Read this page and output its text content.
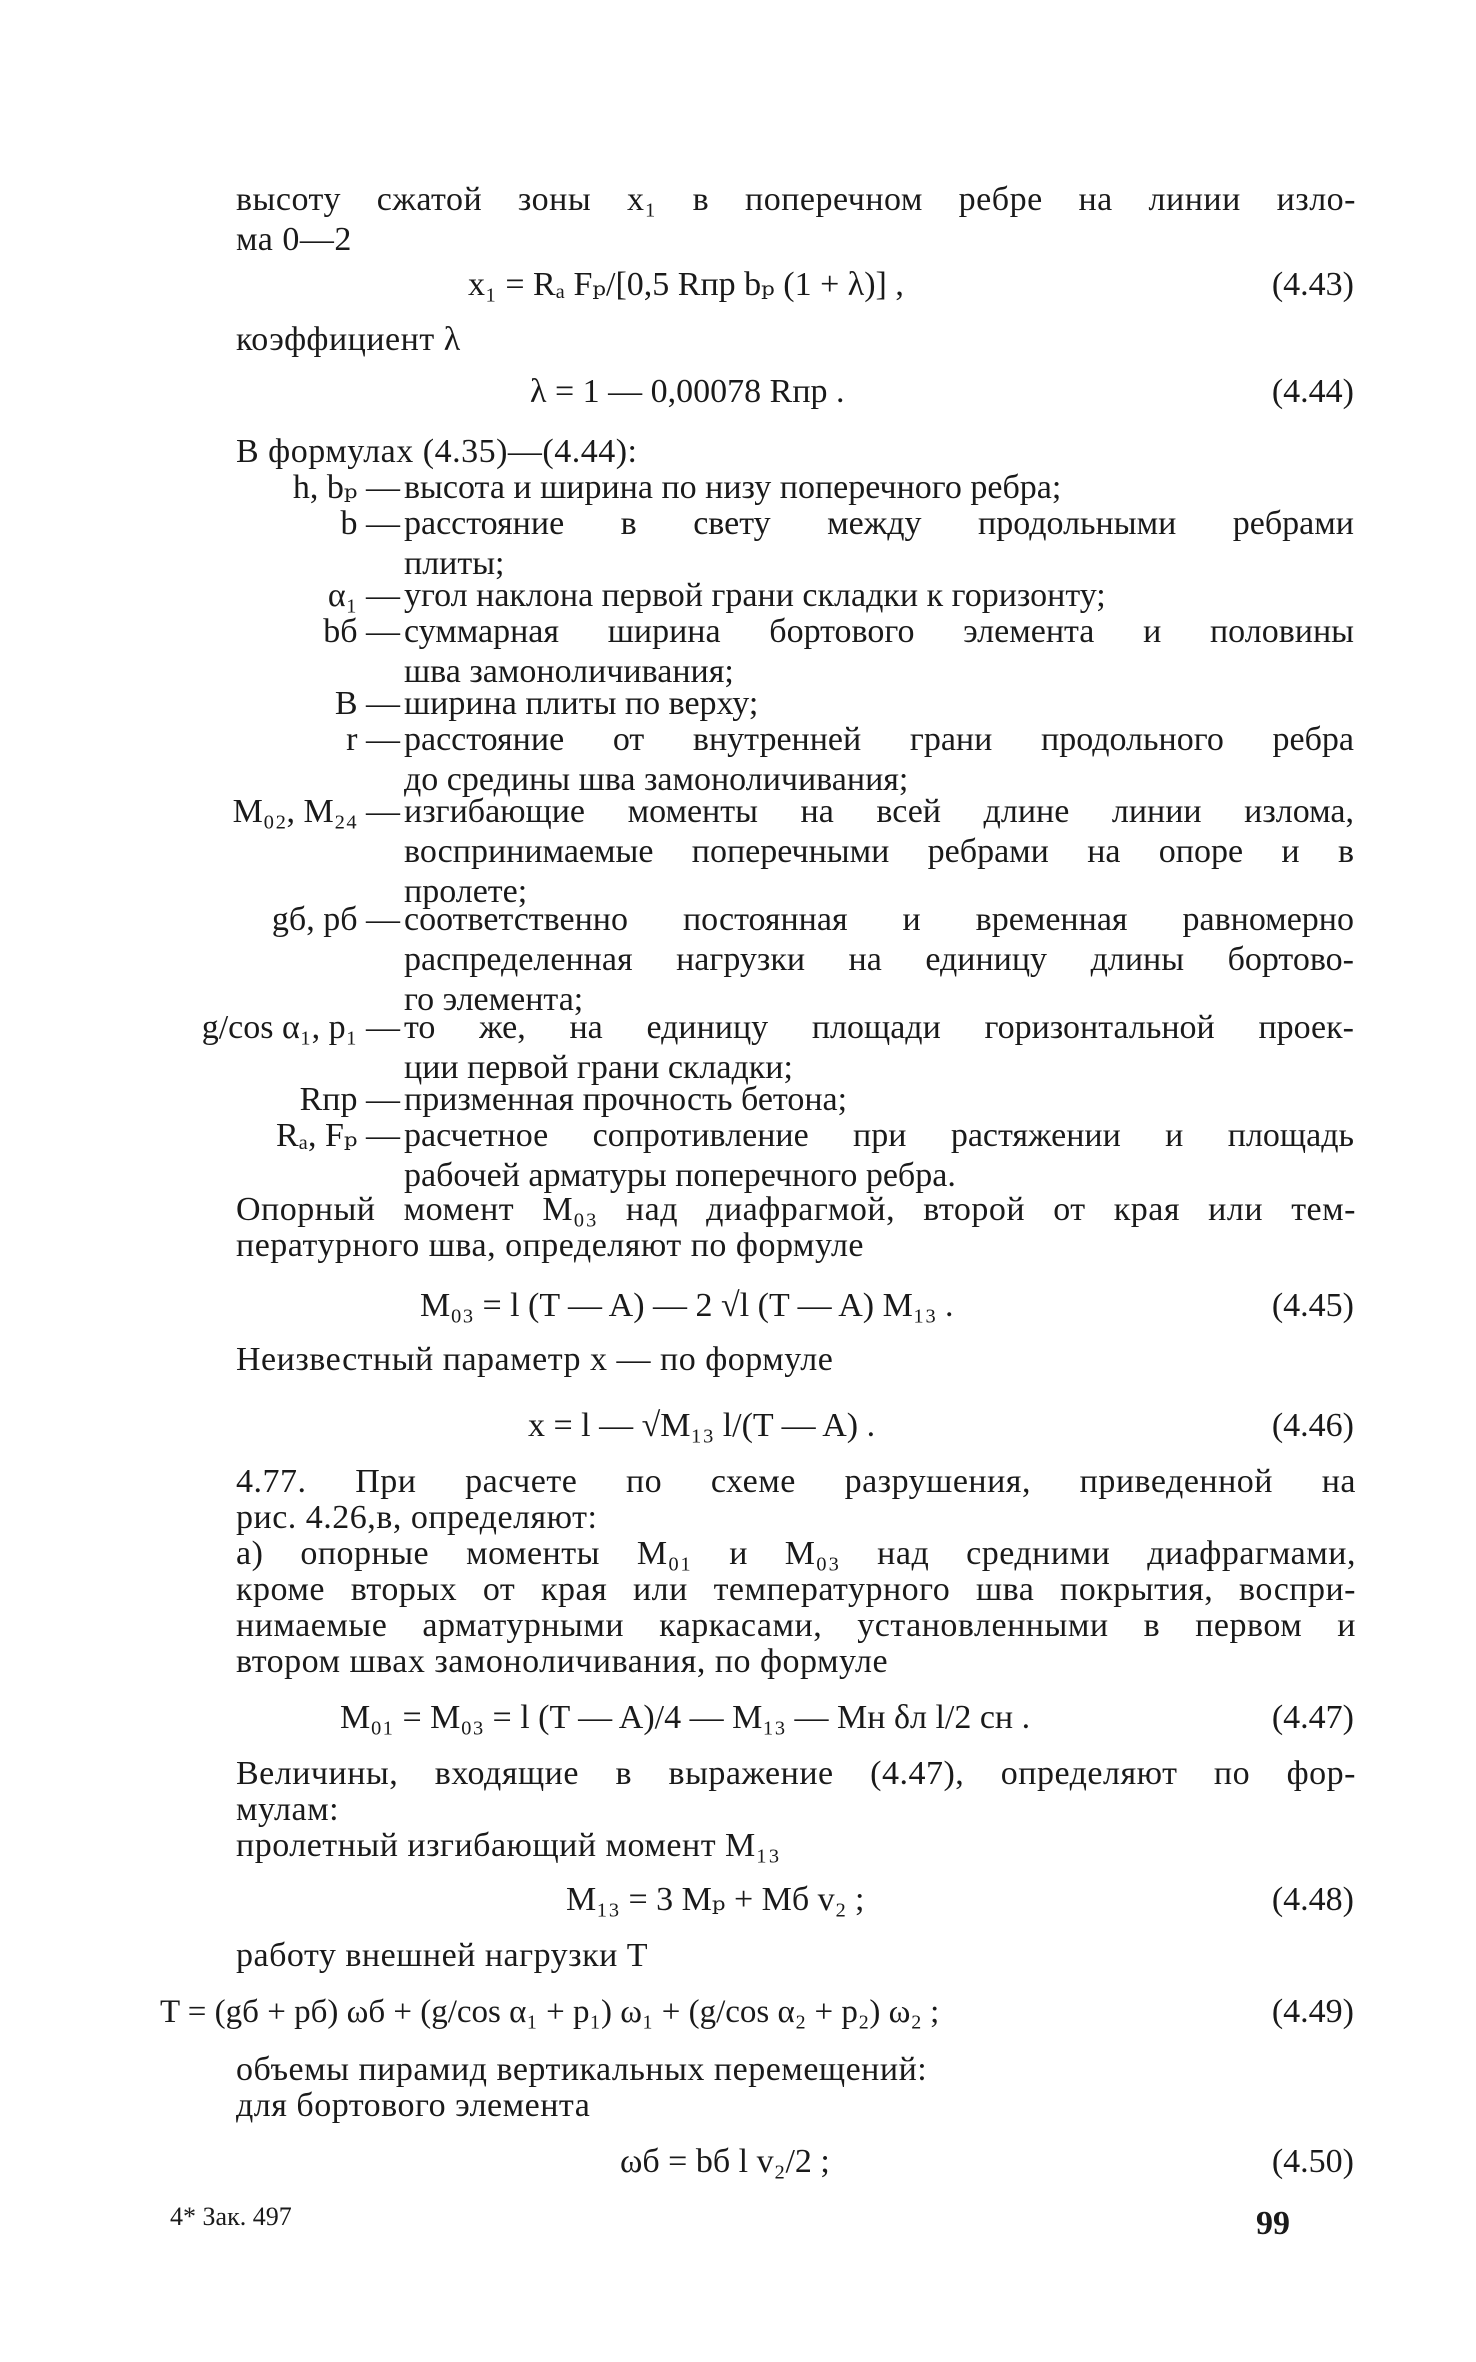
высоту сжатой зоны x₁ в поперечном ребре на линии изло-
ма 0—2
x₁ = Rₐ Fₚ/[0,5 Rпр bₚ (1 + λ)] ,	(4.43)
коэффициент λ
λ = 1 — 0,00078 Rпр .	(4.44)
В формулах (4.35)—(4.44):
h, bₚ — высота и ширина по низу поперечного ребра;
b — расстояние в свету между продольными ребрами
плиты;
α₁ — угол наклона первой грани складки к горизонту;
bб — суммарная ширина бортового элемента и половины
шва замоноличивания;
B — ширина плиты по верху;
r — расстояние от внутренней грани продольного ребра
до средины шва замоноличивания;
M₀₂, M₂₄ — изгибающие моменты на всей длине линии излома,
воспринимаемые поперечными ребрами на опоре и в
пролете;
gб, pб — соответственно постоянная и временная равномерно
распределенная нагрузки на единицу длины бортово-
го элемента;
g/cos α₁, p₁ — то же, на единицу площади горизонтальной проек-
ции первой грани складки;
Rпр — призменная прочность бетона;
Rₐ, Fₚ — расчетное сопротивление при растяжении и площадь
рабочей арматуры поперечного ребра.
Опорный момент M₀₃ над диафрагмой, второй от края или тем-
пературного шва, определяют по формуле
M₀₃ = l (T — A) — 2 √l (T — A) M₁₃ .	(4.45)
Неизвестный параметр x — по формуле
x = l — √M₁₃ l/(T — A) .	(4.46)
4.77. При расчете по схеме разрушения, приведенной на
рис. 4.26,в, определяют:
а) опорные моменты M₀₁ и M₀₃ над средними диафрагмами,
кроме вторых от края или температурного шва покрытия, воспри-
нимаемые арматурными каркасами, установленными в первом и
втором швах замоноличивания, по формуле
M₀₁ = M₀₃ = l (T — A)/4 — M₁₃ — Mн δл l/2 cн .	(4.47)
Величины, входящие в выражение (4.47), определяют по фор-
мулам:
пролетный изгибающий момент M₁₃
M₁₃ = 3 Mₚ + Mб v₂ ;	(4.48)
работу внешней нагрузки T
T = (gб + pб) ωб + (g/cos α₁ + p₁) ω₁ + (g/cos α₂ + p₂) ω₂ ;	(4.49)
объемы пирамид вертикальных перемещений:
для бортового элемента
ωб = bб l v₂/2 ;	(4.50)
4* Зак. 497	99
